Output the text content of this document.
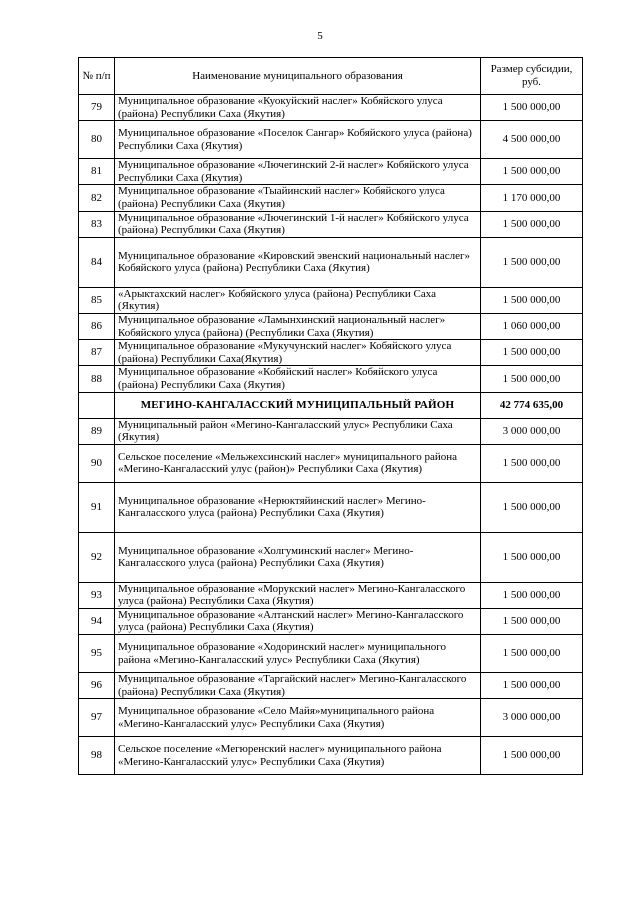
5
№ п/п	Наименование муниципального образования	Размер субсидии, руб.
79	Муниципальное образование «Куокуйский наслег» Кобяйского улуса (района) Республики Саха (Якутия)	1 500 000,00
80	Муниципальное образование «Поселок Сангар» Кобяйского улуса (района) Республики Саха (Якутия)	4 500 000,00
81	Муниципальное образование «Лючегинский 2-й наслег» Кобяйского улуса Республики Саха (Якутия)	1 500 000,00
82	Муниципальное образование «Тыайинский наслег» Кобяйского улуса (района) Республики Саха (Якутия)	1 170 000,00
83	Муниципальное образование «Лючегинский 1-й наслег» Кобяйского улуса (района) Республики Саха (Якутия)	1 500 000,00
84	Муниципальное образование «Кировский эвенский национальный наслег» Кобяйского улуса (района) Республики Саха (Якутия)	1 500 000,00
85	«Арыктахский наслег» Кобяйского улуса (района) Республики Саха (Якутия)	1 500 000,00
86	Муниципальное образование «Ламынхинский национальный наслег» Кобяйского улуса (района) (Республики Саха (Якутия)	1 060 000,00
87	Муниципальное образование «Мукучунский наслег» Кобяйского улуса (района) Республики Саха(Якутия)	1 500 000,00
88	Муниципальное образование «Кобяйский наслег» Кобяйского улуса (района) Республики Саха (Якутия)	1 500 000,00
	МЕГИНО-КАНГАЛАССКИЙ МУНИЦИПАЛЬНЫЙ РАЙОН	42 774 635,00
89	Муниципальный район «Мегино-Кангаласский улус» Республики Саха (Якутия)	3 000 000,00
90	Сельское поселение «Мельжехсинский наслег» муниципального района «Мегино-Кангаласский улус (район)» Республики Саха (Якутия)	1 500 000,00
91	Муниципальное образование «Нерюктяйинский наслег» Мегино-Кангаласского улуса (района) Республики Саха (Якутия)	1 500 000,00
92	Муниципальное образование «Холгуминский наслег» Мегино-Кангаласского улуса (района) Республики Саха (Якутия)	1 500 000,00
93	Муниципальное образование «Морукский наслег» Мегино-Кангаласского улуса (района) Республики Саха (Якутия)	1 500 000,00
94	Муниципальное образование «Алтанский наслег» Мегино-Кангаласского улуса (района) Республики Саха (Якутия)	1 500 000,00
95	Муниципальное образование «Ходоринский наслег» муниципального района «Мегино-Кангаласский улус» Республики Саха (Якутия)	1 500 000,00
96	Муниципальное образование «Таргайский наслег» Мегино-Кангаласского (района) Республики Саха (Якутия)	1 500 000,00
97	Муниципальное образование «Село Майя»муниципального района «Мегино-Кангаласский улус» Республики Саха (Якутия)	3 000 000,00
98	Сельское поселение «Мегюренский наслег» муниципального района «Мегино-Кангаласский улус» Республики Саха (Якутия)	1 500 000,00
